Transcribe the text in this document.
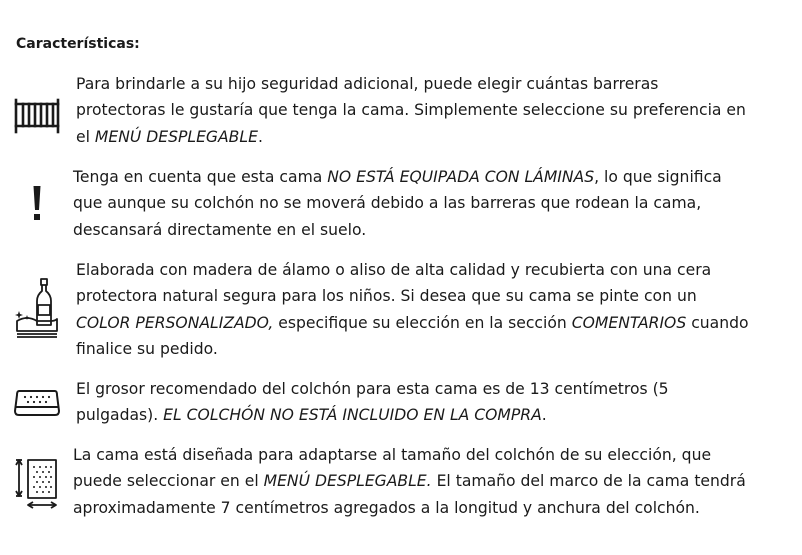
Características:
Para brindarle a su hijo seguridad adicional, puede elegir cuántas barreras
protectoras le gustaría que tenga la cama. Simplemente seleccione su preferencia en
el MENÚ DESPLEGABLE.
Tenga en cuenta que esta cama NO ESTÁ EQUIPADA CON LÁMINAS, lo que significa
que aunque su colchón no se moverá debido a las barreras que rodean la cama,
descansará directamente en el suelo.
Elaborada con madera de álamo o aliso de alta calidad y recubierta con una cera
protectora natural segura para los niños. Si desea que su cama se pinte con un
COLOR PERSONALIZADO, especifique su elección en la sección COMENTARIOS cuando
finalice su pedido.
El grosor recomendado del colchón para esta cama es de 13 centímetros (5
pulgadas). EL COLCHÓN NO ESTÁ INCLUIDO EN LA COMPRA.
La cama está diseñada para adaptarse al tamaño del colchón de su elección, que
puede seleccionar en el MENÚ DESPLEGABLE. El tamaño del marco de la cama tendrá
aproximadamente 7 centímetros agregados a la longitud y anchura del colchón.
